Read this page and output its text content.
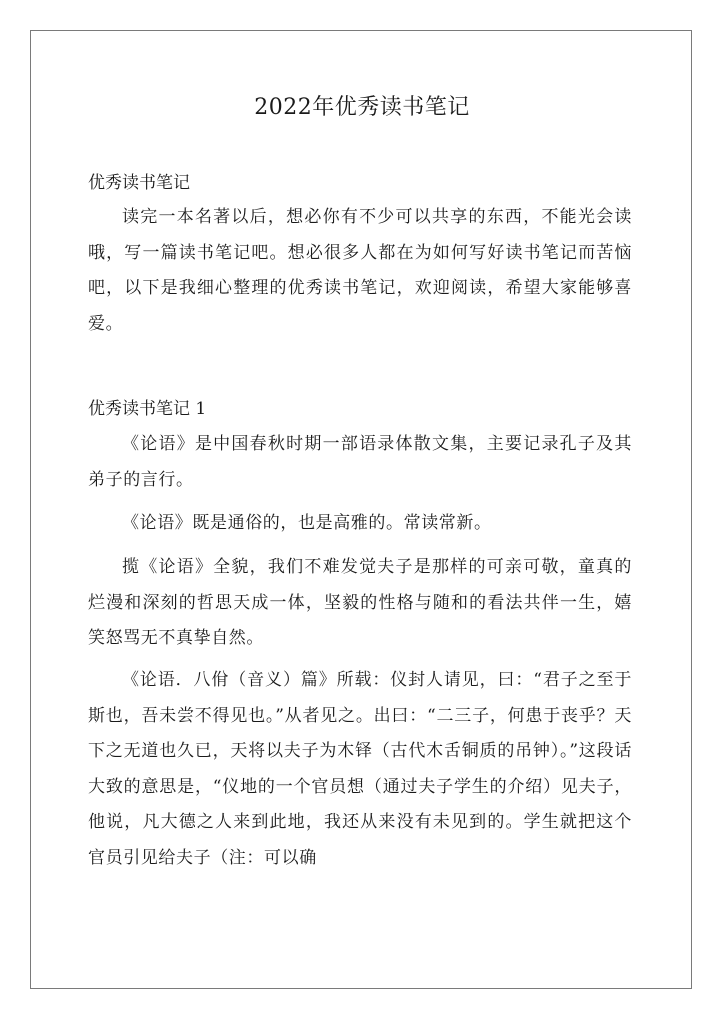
2022年优秀读书笔记
优秀读书笔记
读完一本名著以后，想必你有不少可以共享的东西，不能光会读哦，写一篇读书笔记吧。想必很多人都在为如何写好读书笔记而苦恼吧，以下是我细心整理的优秀读书笔记，欢迎阅读，希望大家能够喜爱。
优秀读书笔记 1
《论语》是中国春秋时期一部语录体散文集，主要记录孔子及其弟子的言行。
《论语》既是通俗的，也是高雅的。常读常新。
揽《论语》全貌，我们不难发觉夫子是那样的可亲可敬，童真的烂漫和深刻的哲思天成一体，坚毅的性格与随和的看法共伴一生，嬉笑怒骂无不真挚自然。
《论语．八佾（音义）篇》所载：仪封人请见，曰：“君子之至于斯也，吾未尝不得见也。”从者见之。出曰：“二三子，何患于丧乎？天下之无道也久已，天将以夫子为木铎（古代木舌铜质的吊钟）。”这段话大致的意思是，“仪地的一个官员想（通过夫子学生的介绍）见夫子，他说，凡大德之人来到此地，我还从来没有未见到的。学生就把这个官员引见给夫子（注：可以确
